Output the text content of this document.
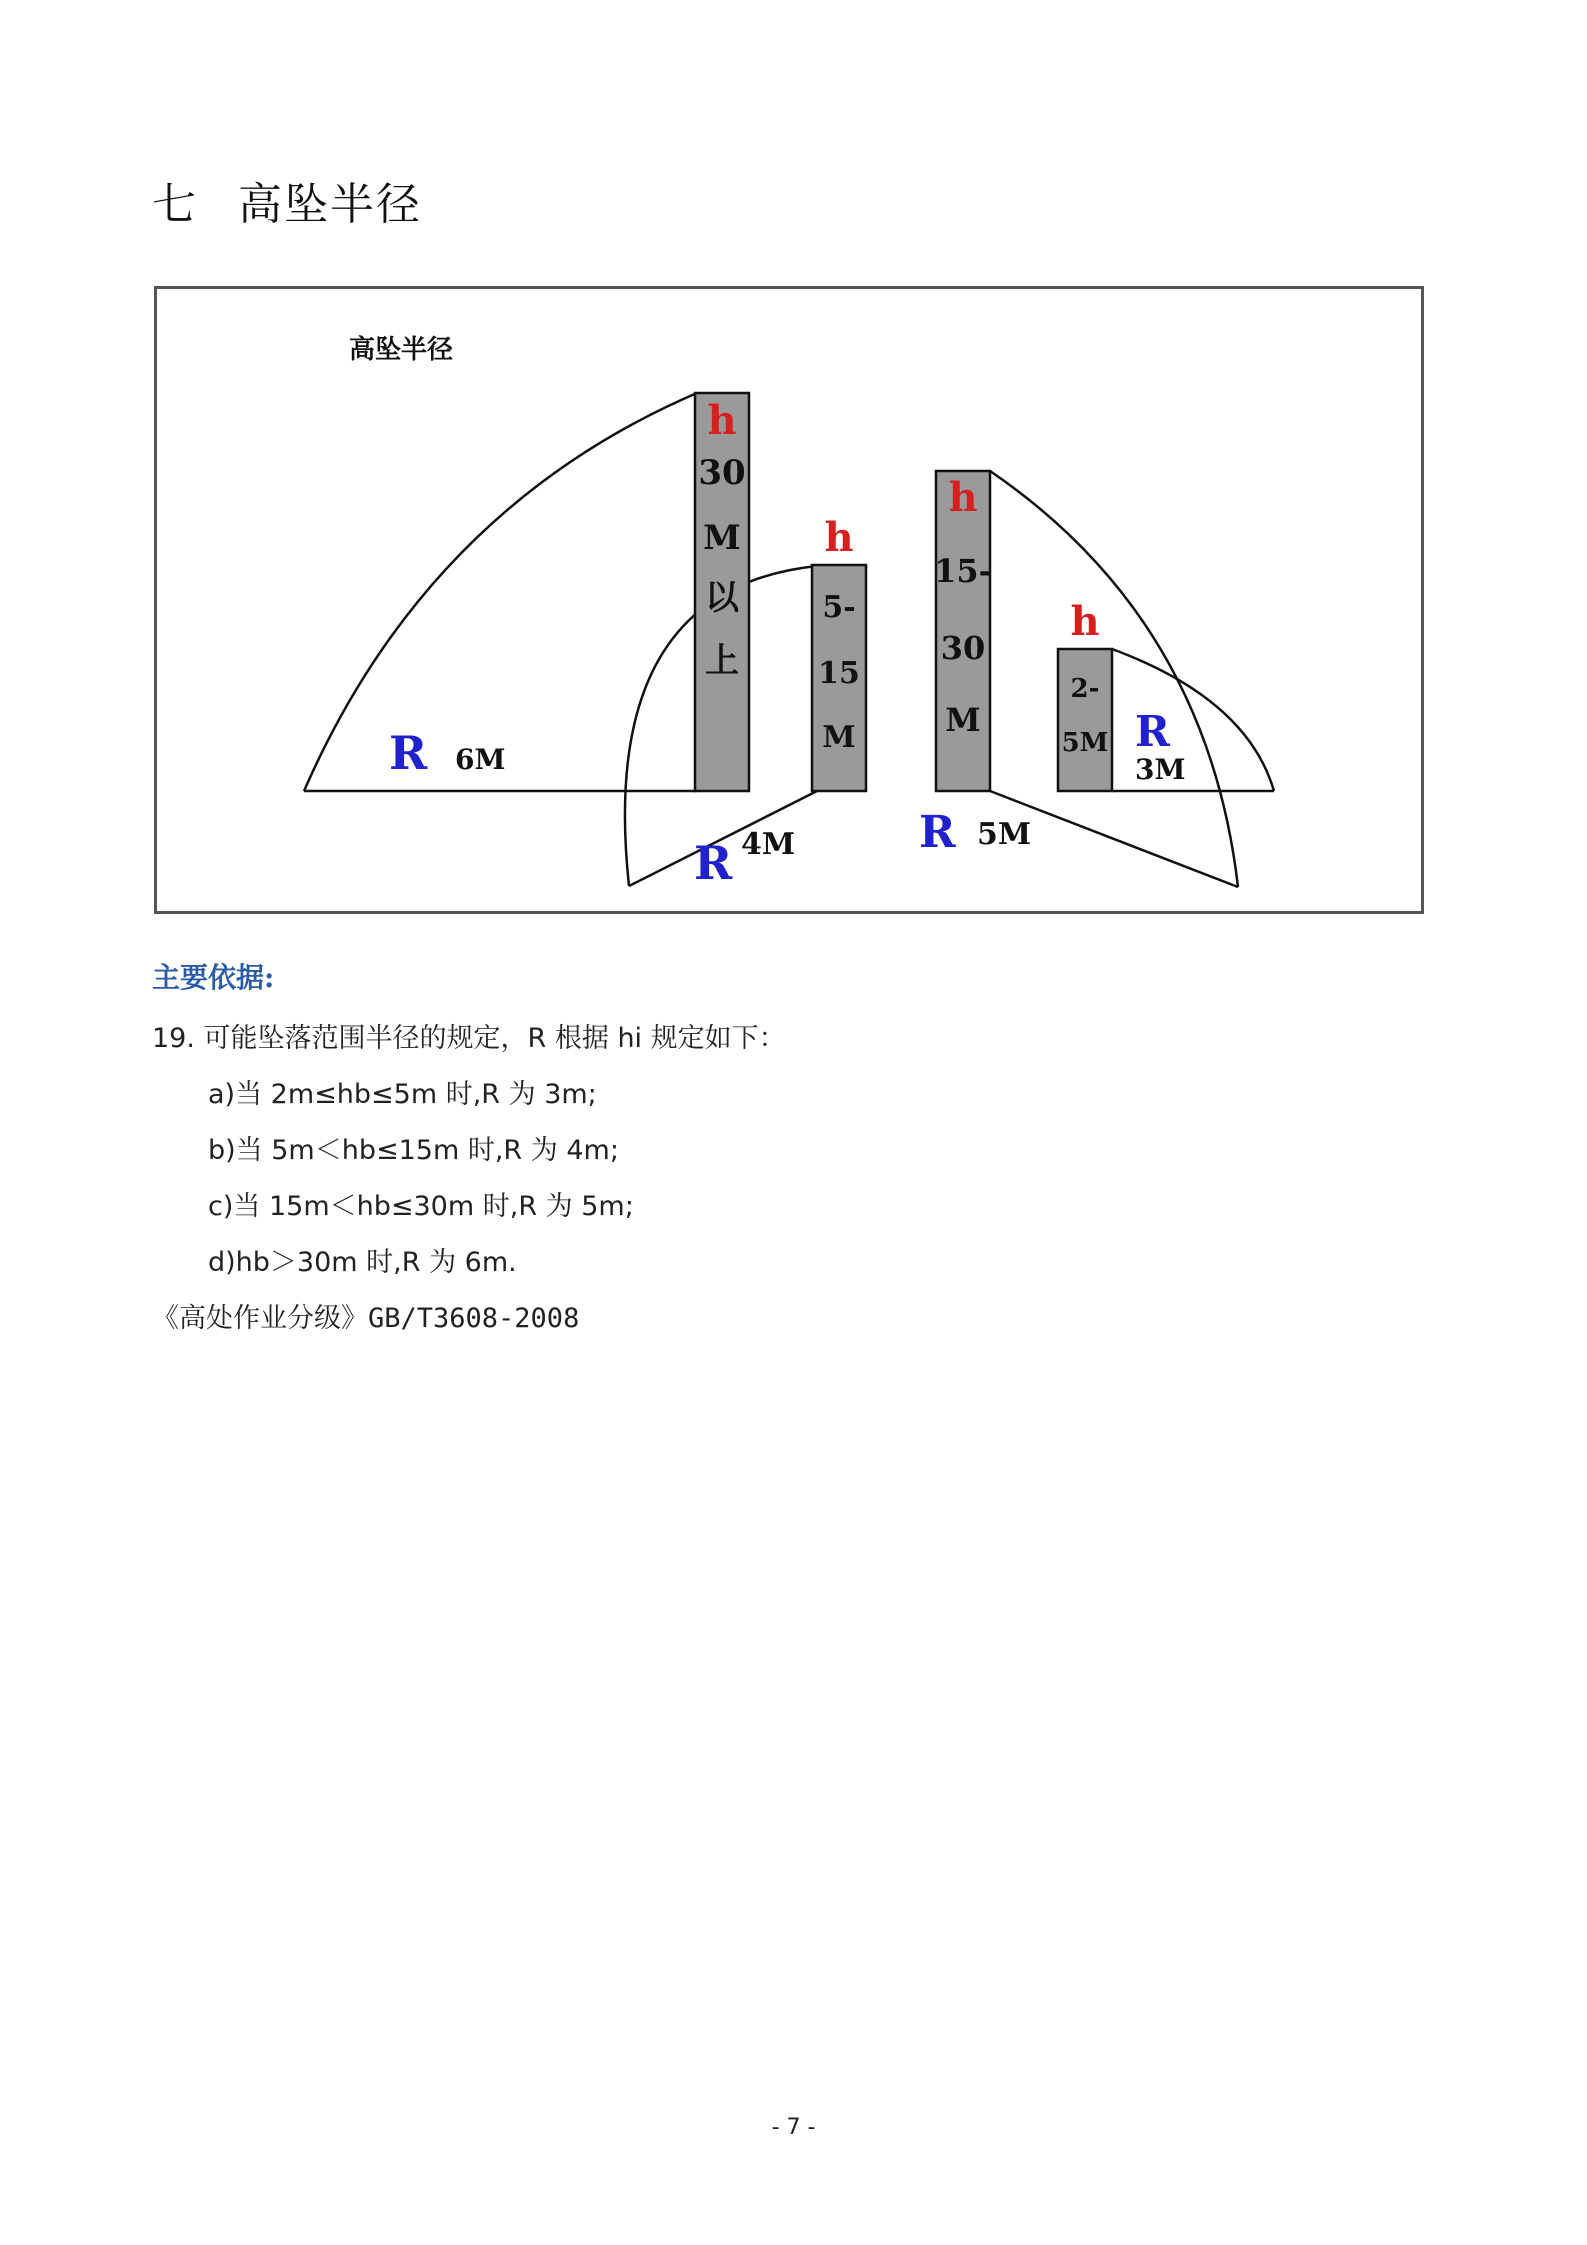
七 高坠半径
高坠半径
h
h
h
h
30
M
以
上
5-
15
M
15-
30
M
2-
5M
R 6M
R 4M	R 5M
R
3M
主要依据:
19. 可能坠落范围半径的规定，R 根据 hi 规定如下：
a)当 2m≤hb≤5m 时,R 为 3m;
b)当 5m＜hb≤15m 时,R 为 4m;
c)当 15m＜hb≤30m 时,R 为 5m;
d)hb＞30m 时,R 为 6m.
《高处作业分级》GB/T3608-2008
- 7 -
